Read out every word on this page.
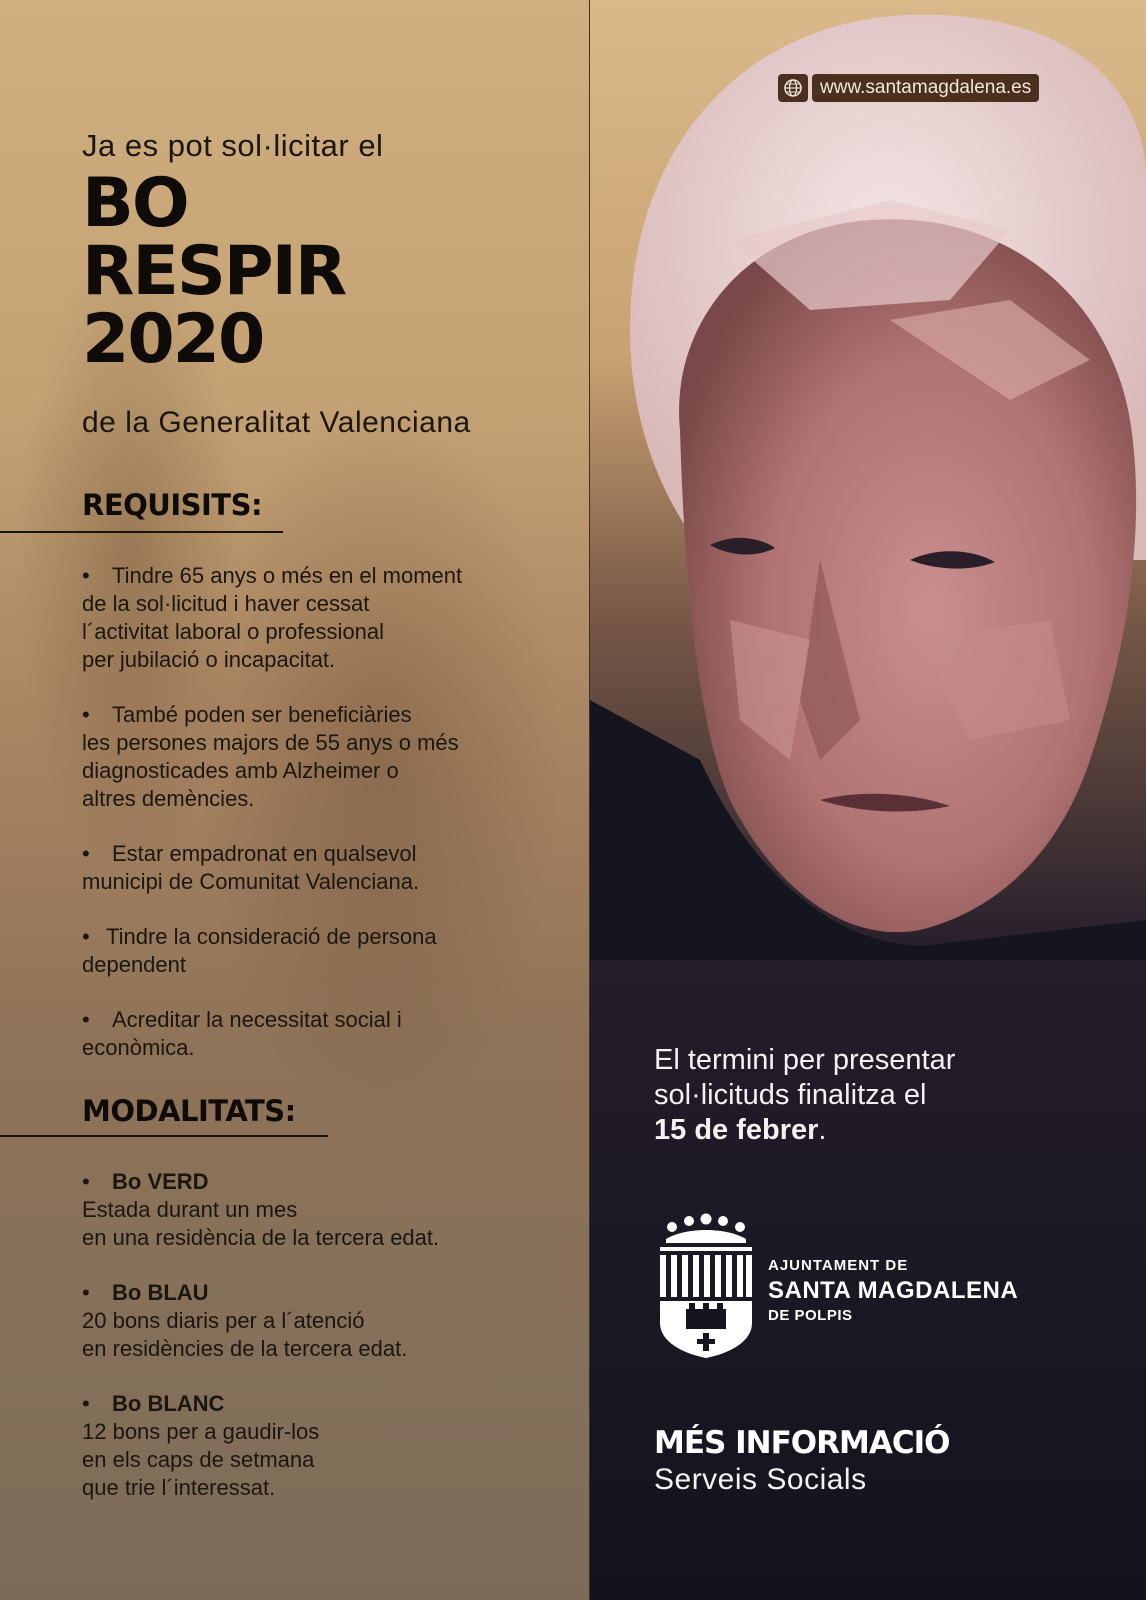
Ja es pot sol·licitar el
BO
RESPIR
2020
de la Generalitat Valenciana
REQUISITS:
• Tindre 65 anys o més en el moment
de la sol·licitud i haver cessat
l´activitat laboral o professional
per jubilació o incapacitat.
• També poden ser beneficiàries
les persones majors de 55 anys o més
diagnosticades amb Alzheimer o
altres demències.
• Estar empadronat en qualsevol
municipi de Comunitat Valenciana.
• Tindre la consideració de persona
dependent
• Acreditar la necessitat social i
econòmica.
MODALITATS:
• Bo VERD
Estada durant un mes
en una residència de la tercera edat.
• Bo BLAU
20 bons diaris per a l´atenció
en residències de la tercera edat.
• Bo BLANC
12 bons per a gaudir-los
en els caps de setmana
que trie l´interessat.
www.santamagdalena.es
El termini per presentar
sol·licituds finalitza el
15 de febrer.
AJUNTAMENT DE
SANTA MAGDALENA
DE POLPIS
MÉS INFORMACIÓ
Serveis Socials
